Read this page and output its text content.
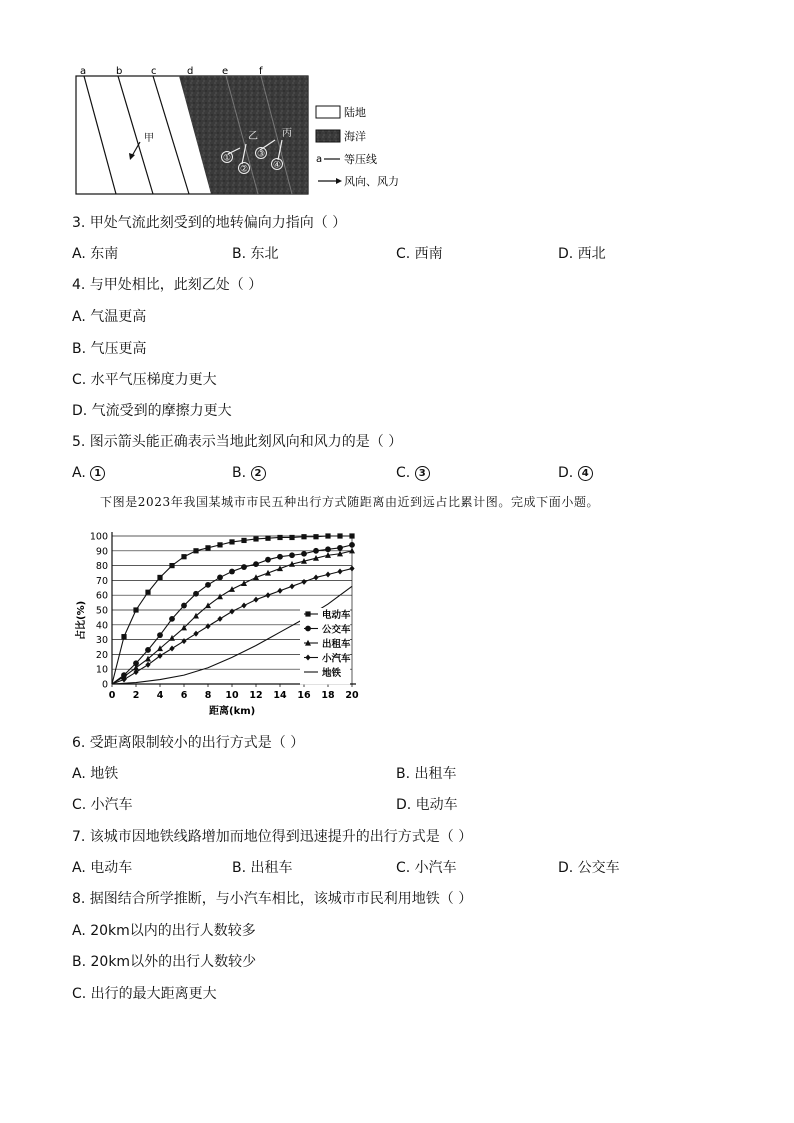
a	b	c	d	e	f
甲	乙 丙
①
②
③
④
陆地
海洋
a 等压线
风向、风力
3. 甲处气流此刻受到的地转偏向力指向（ ）
A. 东南	B. 东北	C. 西南	D. 西北
4. 与甲处相比，此刻乙处（ ）
A. 气温更高
B. 气压更高
C. 水平气压梯度力更大
D. 气流受到的摩擦力更大
5. 图示箭头能正确表示当地此刻风向和风力的是（ ）
A. 1	B. 2	C. 3	D. 4
下图是2023年我国某城市市民五种出行方式随距离由近到远占比累计图。完成下面小题。
0
10
20
30
40
50
60
70
80
90
100
0 2 4 6 8 10 12 14 16 18 20
电动车
公交车
出租车
小汽车
地铁
占比(%)
距离(km)
6. 受距离限制较小的出行方式是（ ）
A. 地铁	B. 出租车
C. 小汽车	D. 电动车
7. 该城市因地铁线路增加而地位得到迅速提升的出行方式是（ ）
A. 电动车	B. 出租车	C. 小汽车	D. 公交车
8. 据图结合所学推断，与小汽车相比，该城市市民利用地铁（ ）
A. 20km以内的出行人数较多
B. 20km以外的出行人数较少
C. 出行的最大距离更大
